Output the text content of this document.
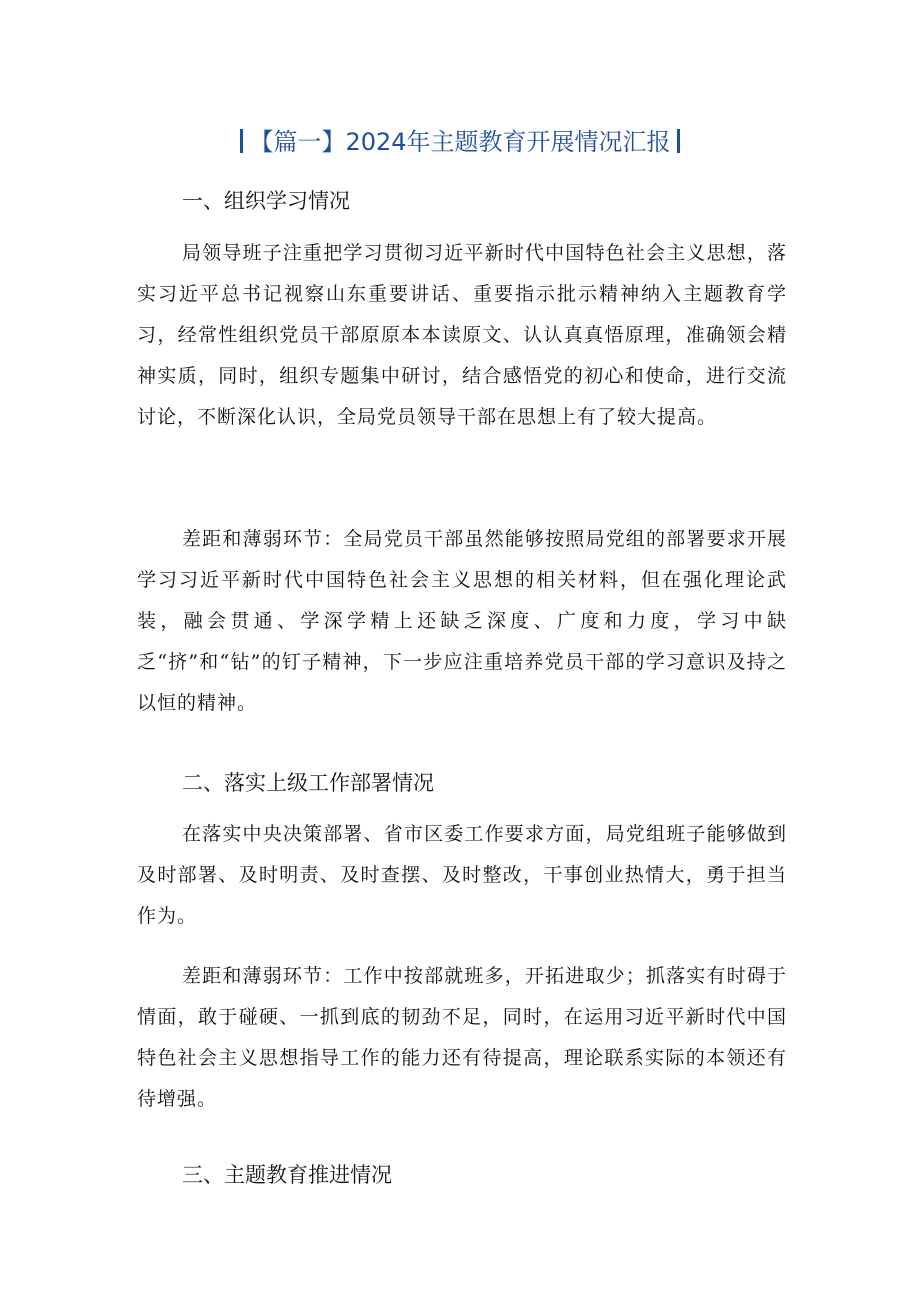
【篇一】2024年主题教育开展情况汇报
一、组织学习情况
局领导班子注重把学习贯彻习近平新时代中国特色社会主义思想，落实习近平总书记视察山东重要讲话、重要指示批示精神纳入主题教育学习，经常性组织党员干部原原本本读原文、认认真真悟原理，准确领会精神实质，同时，组织专题集中研讨，结合感悟党的初心和使命，进行交流讨论，不断深化认识，全局党员领导干部在思想上有了较大提高。
差距和薄弱环节：全局党员干部虽然能够按照局党组的部署要求开展学习习近平新时代中国特色社会主义思想的相关材料，但在强化理论武装，融会贯通、学深学精上还缺乏深度、广度和力度，学习中缺乏“挤”和“钻”的钉子精神，下一步应注重培养党员干部的学习意识及持之以恒的精神。
二、落实上级工作部署情况
在落实中央决策部署、省市区委工作要求方面，局党组班子能够做到及时部署、及时明责、及时查摆、及时整改，干事创业热情大，勇于担当作为。
差距和薄弱环节：工作中按部就班多，开拓进取少；抓落实有时碍于情面，敢于碰硬、一抓到底的韧劲不足，同时，在运用习近平新时代中国特色社会主义思想指导工作的能力还有待提高，理论联系实际的本领还有待增强。
三、主题教育推进情况
